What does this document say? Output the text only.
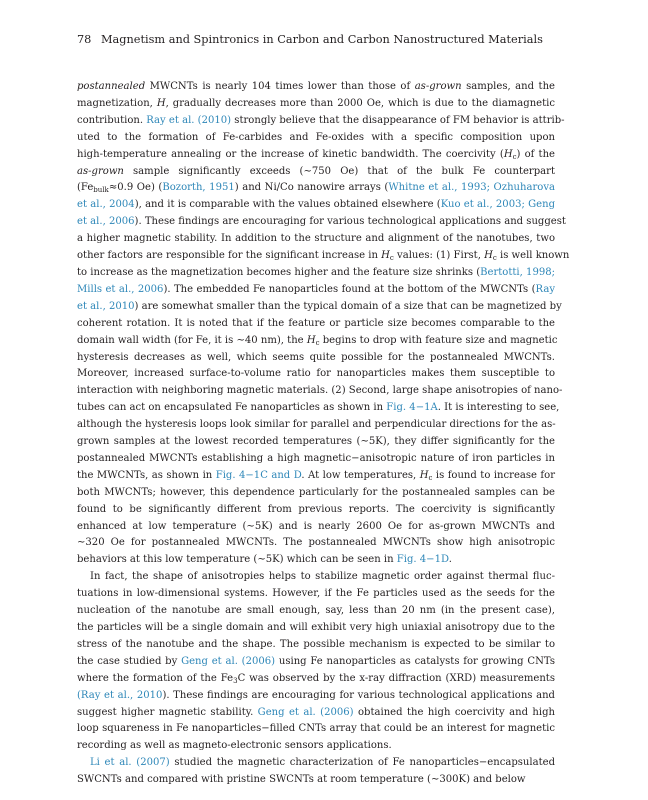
78 Magnetism and Spintronics in Carbon and Carbon Nanostructured Materials
postannealed MWCNTs is nearly 104 times lower than those of as-grown samples, and the
magnetization, H, gradually decreases more than 2000 Oe, which is due to the diamagnetic
contribution. Ray et al. (2010) strongly believe that the disappearance of FM behavior is attrib-
uted to the formation of Fe-carbides and Fe-oxides with a specific composition upon
high-temperature annealing or the increase of kinetic bandwidth. The coercivity $(H_c)$ of the
as-grown sample significantly exceeds (∼750 Oe) that of the bulk Fe counterpart
($Fe_{bulk}\approx 0.9$ Oe) (Bozorth, 1951) and Ni/Co nanowire arrays (Whitne et al., 1993; Ozhuharova
et al., 2004), and it is comparable with the values obtained elsewhere (Kuo et al., 2003; Geng
et al., 2006). These findings are encouraging for various technological applications and suggest
a higher magnetic stability. In addition to the structure and alignment of the nanotubes, two
other factors are responsible for the significant increase in $H_c$ values: (1) First, $H_c$ is well known
to increase as the magnetization becomes higher and the feature size shrinks (Bertotti, 1998;
Mills et al., 2006). The embedded Fe nanoparticles found at the bottom of the MWCNTs (Ray
et al., 2010) are somewhat smaller than the typical domain of a size that can be magnetized by
coherent rotation. It is noted that if the feature or particle size becomes comparable to the
domain wall width (for Fe, it is ∼40 nm), the $H_c$ begins to drop with feature size and magnetic
hysteresis decreases as well, which seems quite possible for the postannealed MWCNTs.
Moreover, increased surface-to-volume ratio for nanoparticles makes them susceptible to
interaction with neighboring magnetic materials. (2) Second, large shape anisotropies of nano-
tubes can act on encapsulated Fe nanoparticles as shown in Fig. 4−1A. It is interesting to see,
although the hysteresis loops look similar for parallel and perpendicular directions for the as-
grown samples at the lowest recorded temperatures (∼5K), they differ significantly for the
postannealed MWCNTs establishing a high magnetic−anisotropic nature of iron particles in
the MWCNTs, as shown in Fig. 4−1C and D. At low temperatures, $H_c$ is found to increase for
both MWCNTs; however, this dependence particularly for the postannealed samples can be
found to be significantly different from previous reports. The coercivity is significantly
enhanced at low temperature (∼5K) and is nearly 2600 Oe for as-grown MWCNTs and
∼320 Oe for postannealed MWCNTs. The postannealed MWCNTs show high anisotropic
behaviors at this low temperature (∼5K) which can be seen in Fig. 4−1D.
In fact, the shape of anisotropies helps to stabilize magnetic order against thermal fluc-
tuations in low-dimensional systems. However, if the Fe particles used as the seeds for the
nucleation of the nanotube are small enough, say, less than 20 nm (in the present case),
the particles will be a single domain and will exhibit very high uniaxial anisotropy due to the
stress of the nanotube and the shape. The possible mechanism is expected to be similar to
the case studied by Geng et al. (2006) using Fe nanoparticles as catalysts for growing CNTs
where the formation of the $Fe_3C$ was observed by the x-ray diffraction (XRD) measurements
(Ray et al., 2010). These findings are encouraging for various technological applications and
suggest higher magnetic stability. Geng et al. (2006) obtained the high coercivity and high
loop squareness in Fe nanoparticles−filled CNTs array that could be an interest for magnetic
recording as well as magneto-electronic sensors applications.
Li et al. (2007) studied the magnetic characterization of Fe nanoparticles−encapsulated
SWCNTs and compared with pristine SWCNTs at room temperature (∼300K) and below
